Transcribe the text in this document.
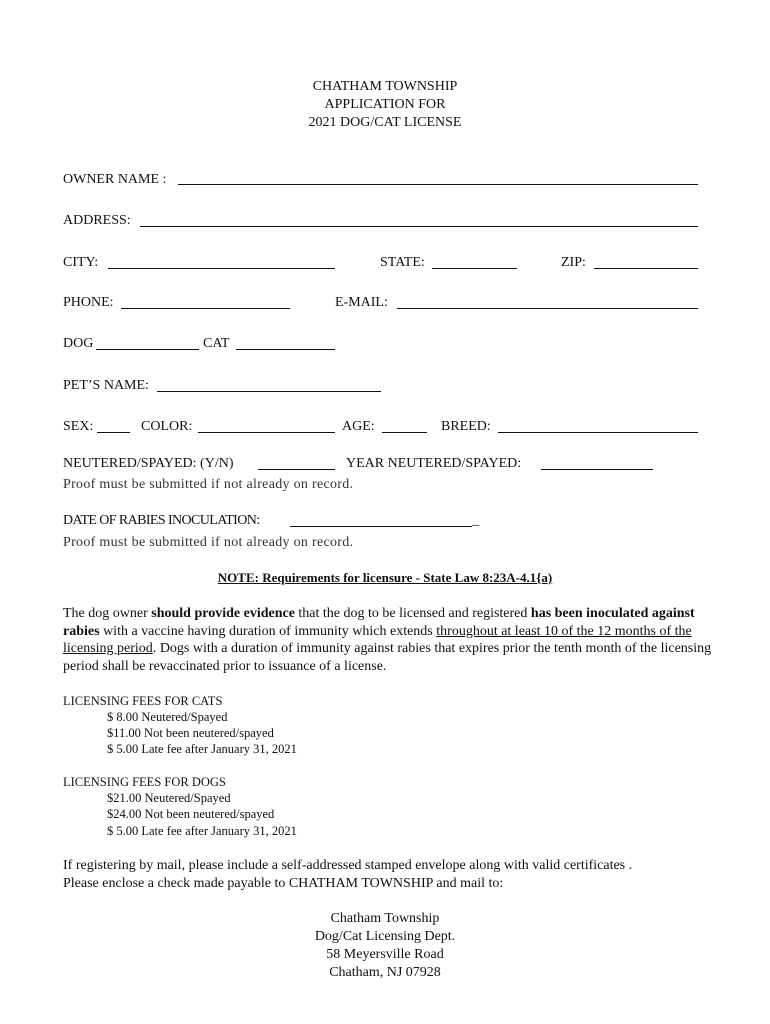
CHATHAM TOWNSHIP
APPLICATION FOR
2021 DOG/CAT LICENSE
OWNER NAME :
ADDRESS:
CITY:	STATE:	ZIP:
PHONE:	E-MAIL:
DOG	CAT
PET’S NAME:
SEX:	COLOR:	AGE:	BREED:
NEUTERED/SPAYED: (Y/N)	YEAR NEUTERED/SPAYED:
Proof must be submitted if not already on record.
DATE OF RABIES INOCULATION:	_
Proof must be submitted if not already on record.
NOTE: Requirements for licensure - State Law 8:23A-4.1{a)
The dog owner should provide evidence that the dog to be licensed and registered has been inoculated against rabies with a vaccine having duration of immunity which extends throughout at least 10 of the 12 months of the licensing period. Dogs with a duration of immunity against rabies that expires prior the tenth month of the licensing period shall be revaccinated prior to issuance of a license.
LICENSING FEES FOR CATS
$ 8.00 Neutered/Spayed
$11.00 Not been neutered/spayed
$ 5.00 Late fee after January 31, 2021
LICENSING FEES FOR DOGS
$21.00 Neutered/Spayed
$24.00 Not been neutered/spayed
$ 5.00 Late fee after January 31, 2021
If registering by mail, please include a self-addressed stamped envelope along with valid certificates .
Please enclose a check made payable to CHATHAM TOWNSHIP and mail to:
Chatham Township
Dog/Cat Licensing Dept.
58 Meyersville Road
Chatham, NJ 07928
